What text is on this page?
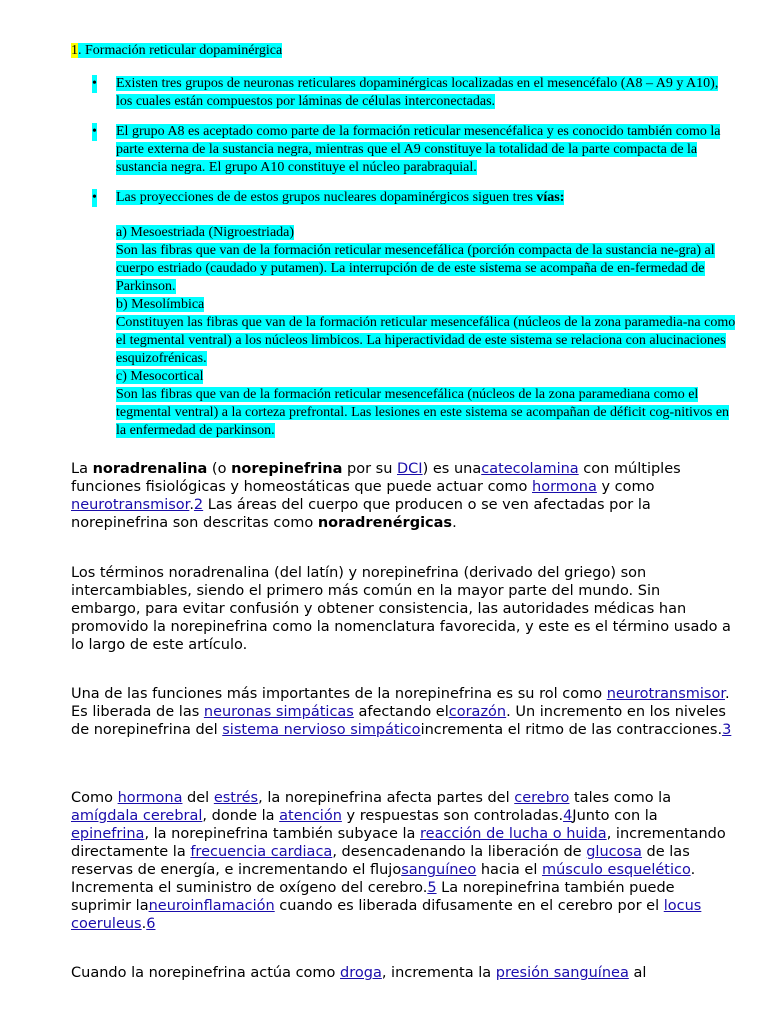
1. Formación reticular dopaminérgica
• Existen tres grupos de neuronas reticulares dopaminérgicas localizadas en el mesencéfalo (A8 – A9 y A10), los cuales están compuestos por láminas de células interconectadas.
• El grupo A8 es aceptado como parte de la formación reticular mesencéfalica y es conocido también como la parte externa de la sustancia negra, mientras que el A9 constituye la totalidad de la parte compacta de la sustancia negra. El grupo A10 constituye el núcleo parabraquial.
• Las proyecciones de de estos grupos nucleares dopaminérgicos siguen tres vías:

a) Mesoestriada (Nigroestriada)

Son las fibras que van de la formación reticular mesencefálica (porción compacta de la sustancia ne-gra) al cuerpo estriado (caudado y putamen). La interrupción de de este sistema se acompaña de en-fermedad de Parkinson.

b) Mesolímbica

Constituyen las fibras que van de la formación reticular mesencefálica (núcleos de la zona paramedia-na como el tegmental ventral) a los núcleos limbicos. La hiperactividad de este sistema se relaciona con alucinaciones esquizofrénicas.

c) Mesocortical

Son las fibras que van de la formación reticular mesencefálica (núcleos de la zona paramediana como el tegmental ventral) a la corteza prefrontal. Las lesiones en este sistema se acompañan de déficit cog-nitivos en la enfermedad de parkinson.

La noradrenalina (o norepinefrina por su DCI) es unacatecolamina con múltiples funciones fisiológicas y homeostáticas que puede actuar como hormona y como neurotransmisor.2 Las áreas del cuerpo que producen o se ven afectadas por la norepinefrina son descritas como noradrenérgicas.

Los términos noradrenalina (del latín) y norepinefrina (derivado del griego) son intercambiables, siendo el primero más común en la mayor parte del mundo. Sin embargo, para evitar confusión y obtener consistencia, las autoridades médicas han promovido la norepinefrina como la nomenclatura favorecida, y este es el término usado a lo largo de este artículo.

Una de las funciones más importantes de la norepinefrina es su rol como neurotransmisor. Es liberada de las neuronas simpáticas afectando elcorazón. Un incremento en los niveles de norepinefrina del sistema nervioso simpáticoincrementa el ritmo de las contracciones.3

Como hormona del estrés, la norepinefrina afecta partes del cerebro tales como la amígdala cerebral, donde la atención y respuestas son controladas.4Junto con la epinefrina, la norepinefrina también subyace la reacción de lucha o huida, incrementando directamente la frecuencia cardiaca, desencadenando la liberación de glucosa de las reservas de energía, e incrementando el flujosanguíneo hacia el músculo esquelético. Incrementa el suministro de oxígeno del cerebro.5 La norepinefrina también puede suprimir laneuroinflamación cuando es liberada difusamente en el cerebro por el locus coeruleus.6

Cuando la norepinefrina actúa como droga, incrementa la presión sanguínea al
